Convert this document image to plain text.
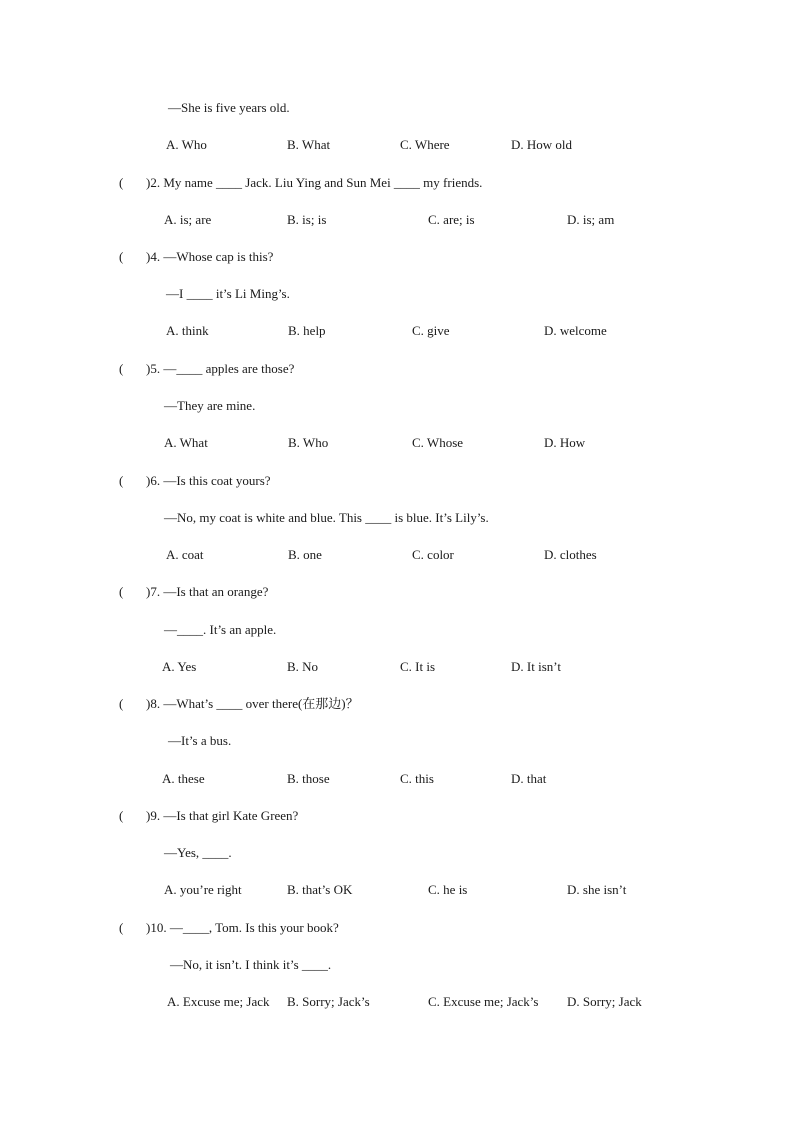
—She is five years old.
A. Who	B. What	C. Where	D. How old
( )2. My name ____ Jack. Liu Ying and Sun Mei ____ my friends.
A. is; are	B. is; is	C. are; is	D. is; am
( )4. —Whose cap is this?
—I ____ it’s Li Ming’s.
A. think	B. help	C. give	D. welcome
( )5. —____ apples are those?
—They are mine.
A. What	B. Who	C. Whose	D. How
( )6. —Is this coat yours?
—No, my coat is white and blue. This ____ is blue. It’s Lily’s.
A. coat	B. one	C. color	D. clothes
( )7. —Is that an orange?
—____. It’s an apple.
A. Yes	B. No	C. It is	D. It isn’t
( )8. —What’s ____ over there(在那边)？
—It’s a bus.
A. these	B. those	C. this	D. that
( )9. —Is that girl Kate Green?
—Yes, ____.
A. you’re right	B. that’s OK	C. he is	D. she isn’t
( )10. —____, Tom. Is this your book?
—No, it isn’t. I think it’s ____.
A. Excuse me; Jack B. Sorry; Jack’s	C. Excuse me; Jack’s D. Sorry; Jack
